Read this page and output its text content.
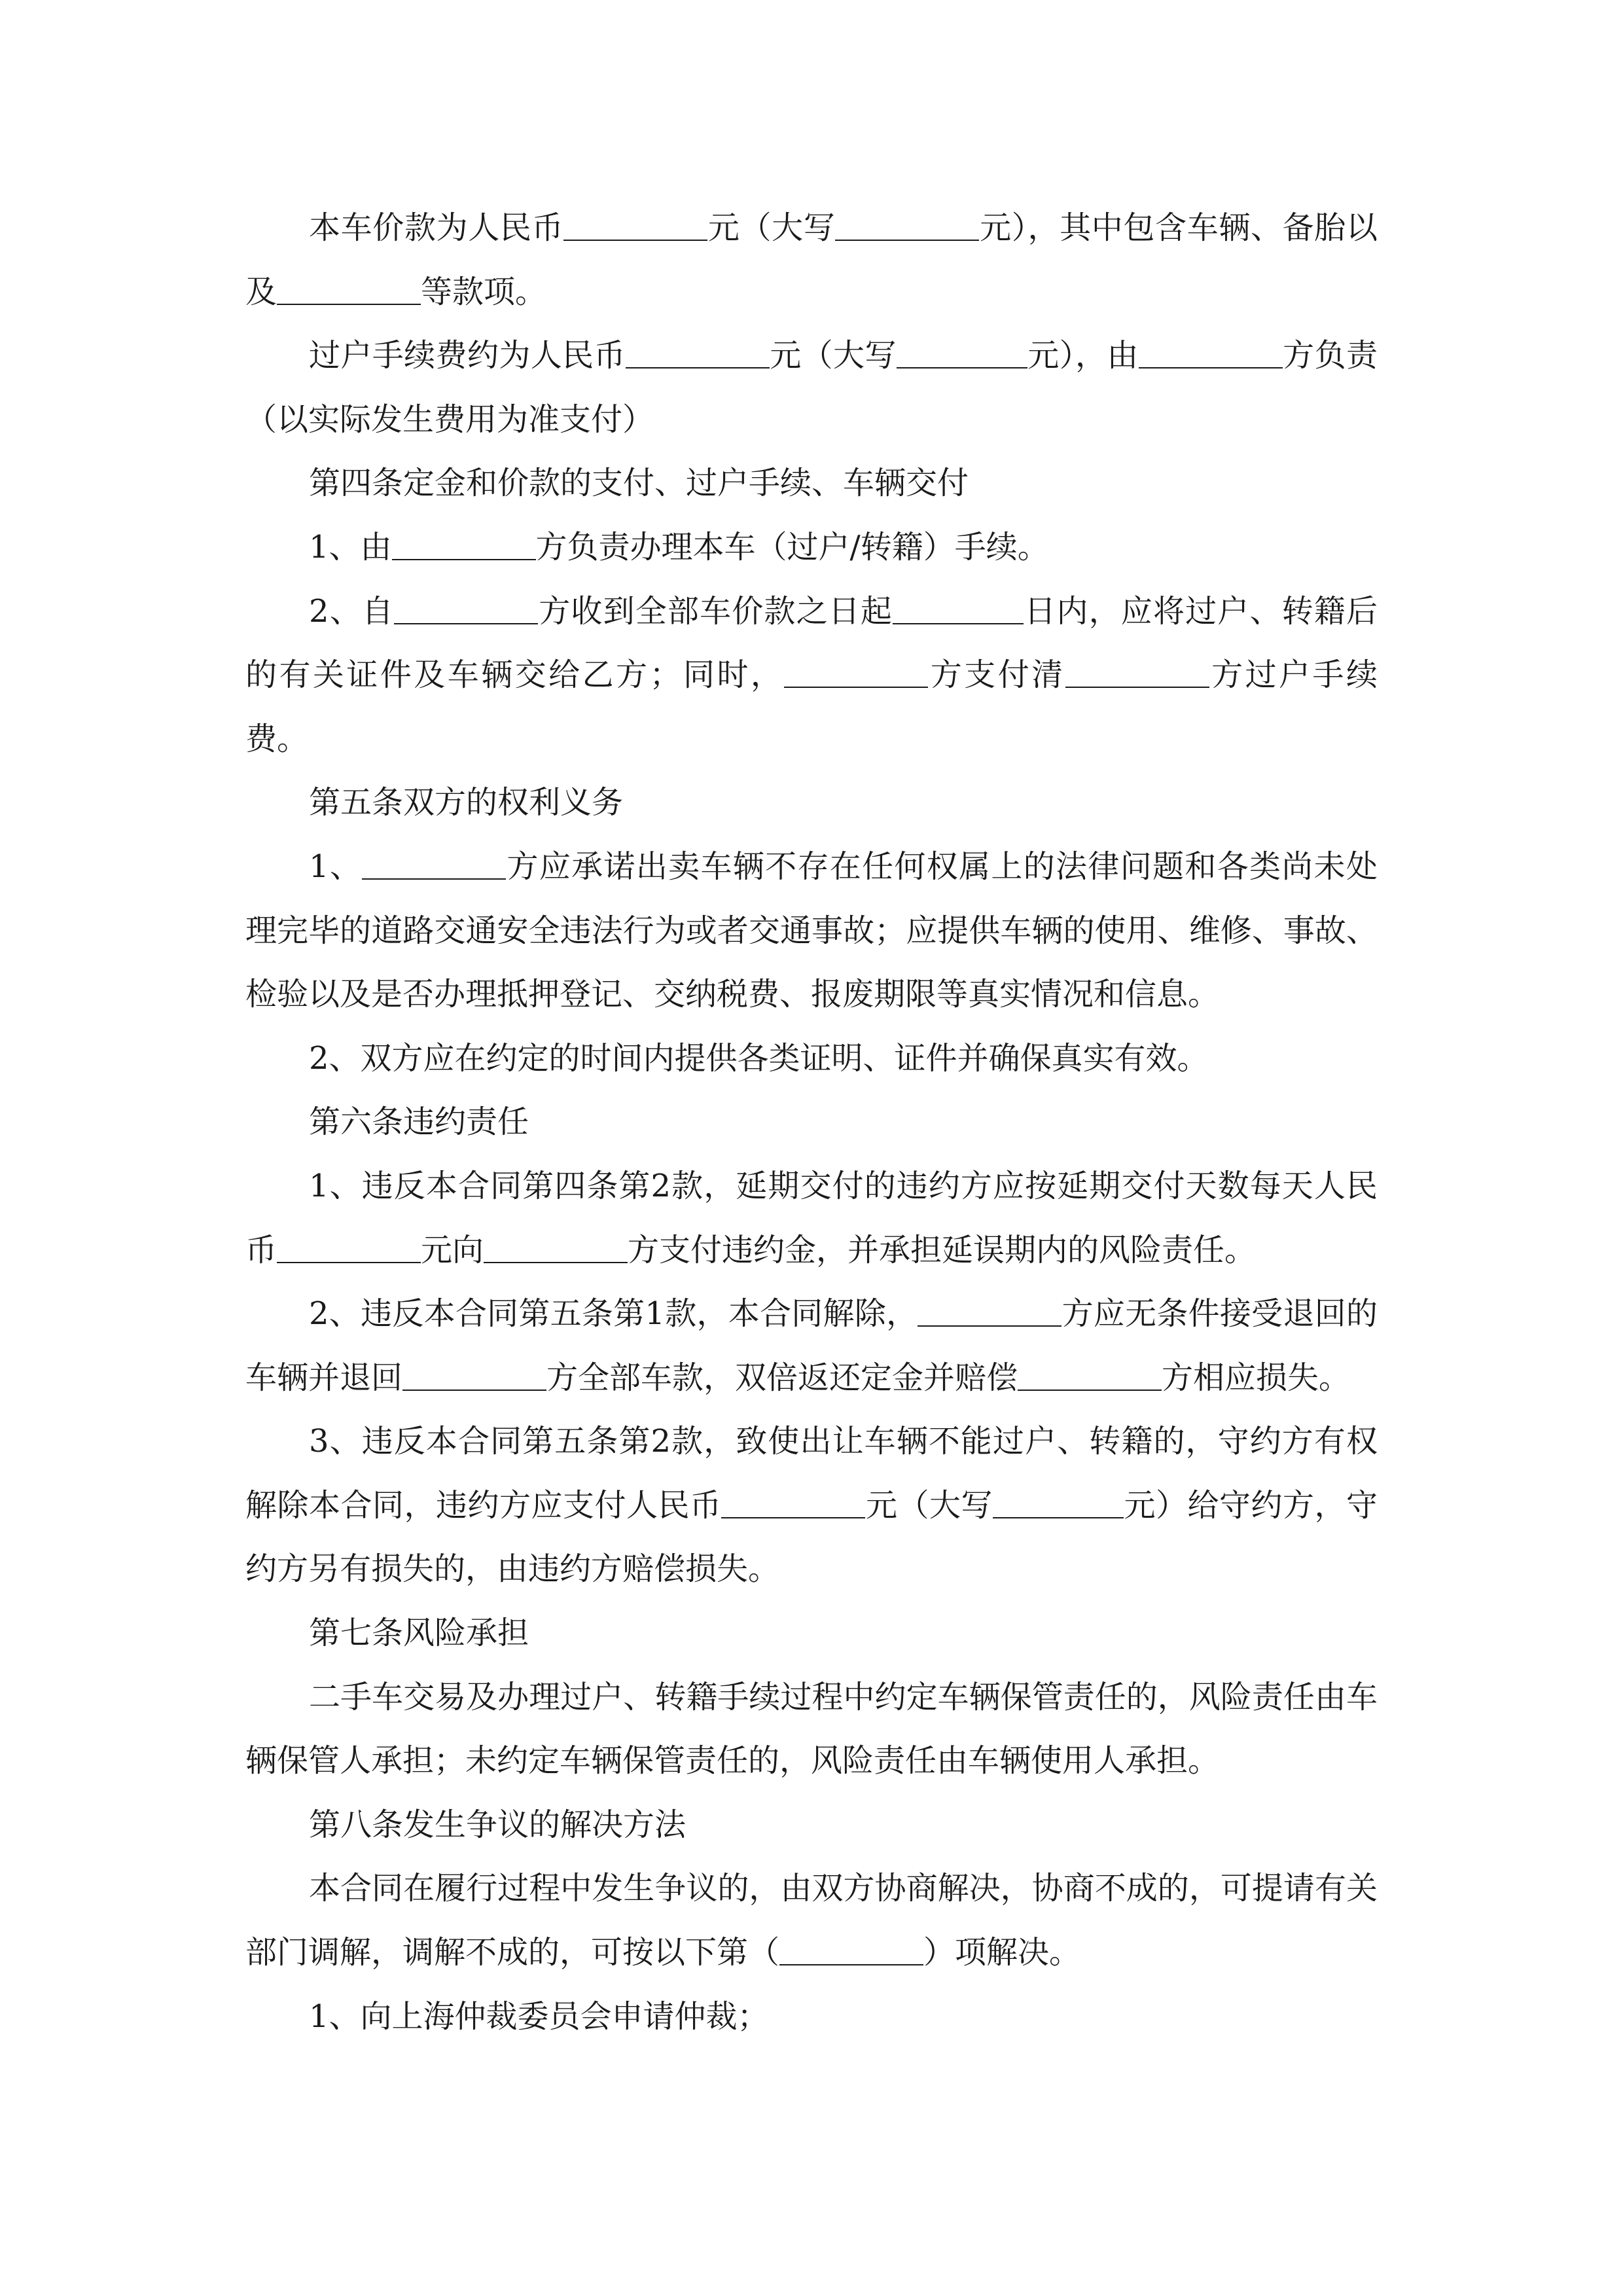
本车价款为人民币	元（大写	元），其中包含车辆、备胎以及	等款项。

过户手续费约为人民币	元（大写	元），由	方负责（以实际发生费用为准支付）

第四条定金和价款的支付、过户手续、车辆交付

1、由	方负责办理本车（过户/转籍）手续。

2、自	方收到全部车价款之日起	日内，应将过户、转籍后的有关证件及车辆交给乙方；同时，	方支付清	方过户手续费。

第五条双方的权利义务

1、	方应承诺出卖车辆不存在任何权属上的法律问题和各类尚未处理完毕的道路交通安全违法行为或者交通事故；应提供车辆的使用、维修、事故、检验以及是否办理抵押登记、交纳税费、报废期限等真实情况和信息。

2、双方应在约定的时间内提供各类证明、证件并确保真实有效。

第六条违约责任

1、违反本合同第四条第2款，延期交付的违约方应按延期交付天数每天人民币	元向	方支付违约金，并承担延误期内的风险责任。

2、违反本合同第五条第1款，本合同解除，	方应无条件接受退回的车辆并退回	方全部车款，双倍返还定金并赔偿	方相应损失。

3、违反本合同第五条第2款，致使出让车辆不能过户、转籍的，守约方有权解除本合同，违约方应支付人民币	元（大写	元）给守约方，守约方另有损失的，由违约方赔偿损失。

第七条风险承担

二手车交易及办理过户、转籍手续过程中约定车辆保管责任的，风险责任由车辆保管人承担；未约定车辆保管责任的，风险责任由车辆使用人承担。

第八条发生争议的解决方法

本合同在履行过程中发生争议的，由双方协商解决，协商不成的，可提请有关部门调解，调解不成的，可按以下第（	）项解决。

1、向上海仲裁委员会申请仲裁；
